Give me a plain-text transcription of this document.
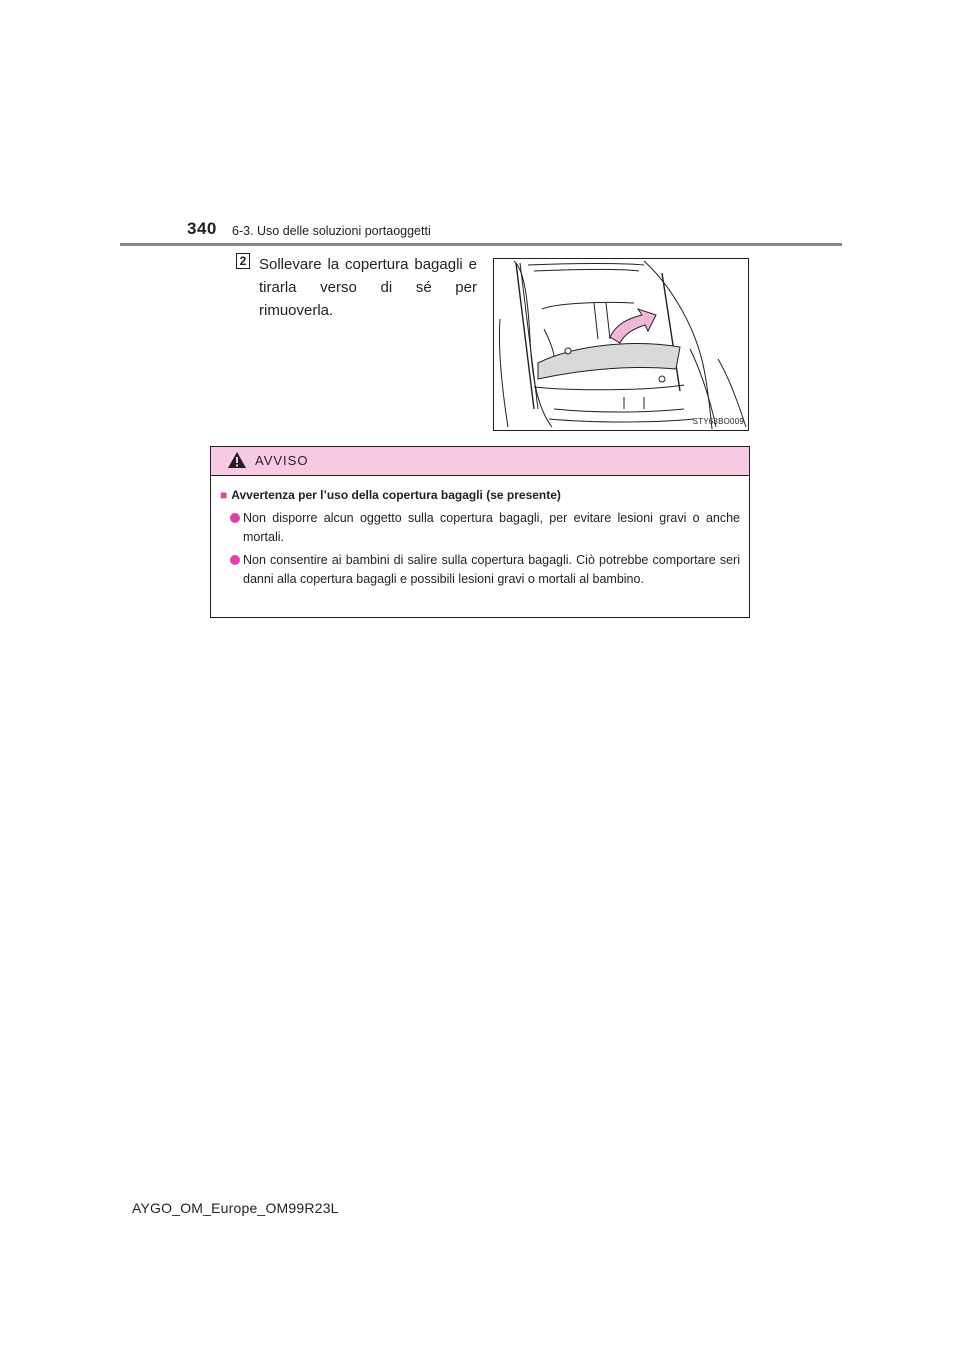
340 6-3. Uso delle soluzioni portaoggetti
2 Sollevare la copertura bagagli e tirarla verso di sé per rimuoverla.
STY63BO009
AVVISO
■ Avvertenza per l’uso della copertura bagagli (se presente)
Non disporre alcun oggetto sulla copertura bagagli, per evitare lesioni gravi o anche mortali.
Non consentire ai bambini di salire sulla copertura bagagli. Ciò potrebbe comportare seri danni alla copertura bagagli e possibili lesioni gravi o mortali al bambino.
AYGO_OM_Europe_OM99R23L
